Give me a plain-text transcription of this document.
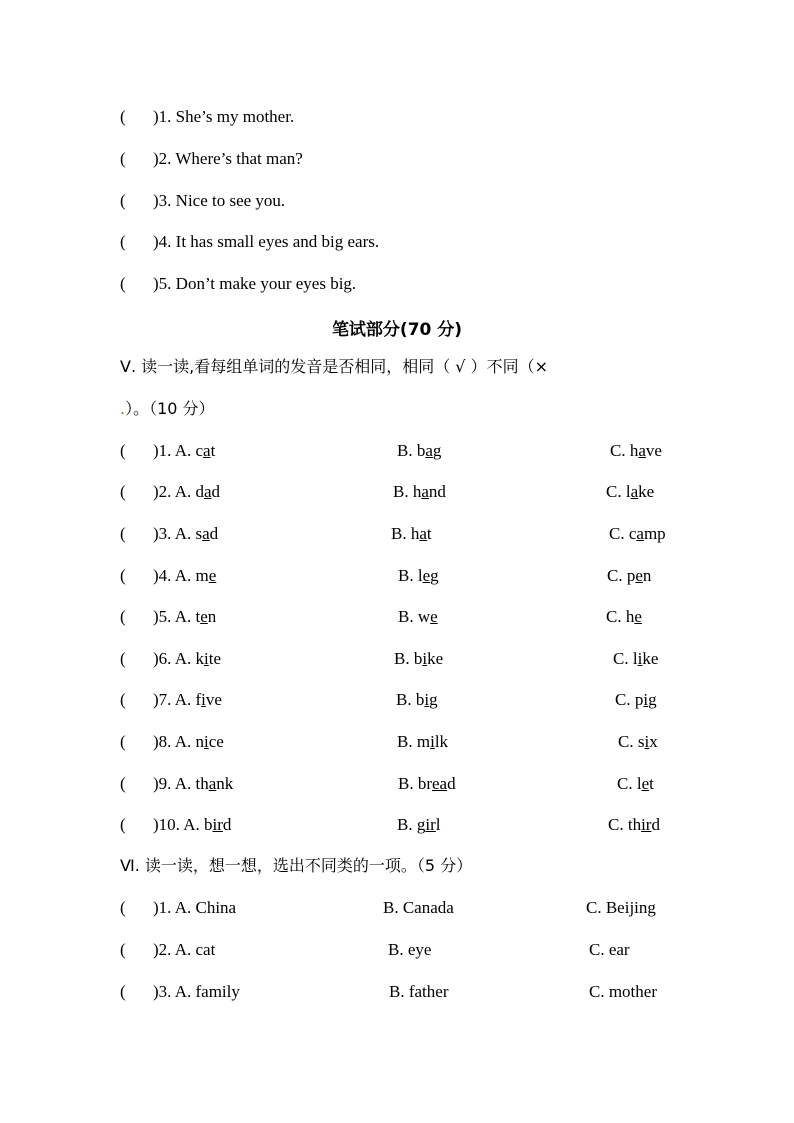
( )1. She’s my mother.
( )2. Where’s that man?
( )3. Nice to see you.
( )4. It has small eyes and big ears.
( )5. Don’t make your eyes big.
笔试部分(70 分)
Ⅴ. 读一读,看每组单词的发音是否相同，相同（ √ ）不同（×
.）。（10 分）
( )1. A. cat	B. bag	C. have
( )2. A. dad	B. hand	C. lake
( )3. A. sad	B. hat	C. camp
( )4. A. me	B. leg	C. pen
( )5. A. ten	B. we	C. he
( )6. A. kite	B. bike	C. like
( )7. A. five	B. big	C. pig
( )8. A. nice	B. milk	C. six
( )9. A. thank	B. bread	C. let
( )10. A. bird	B. girl	C. third
Ⅵ. 读一读，想一想，选出不同类的一项。（5 分）
( )1. A. China	B. Canada	C. Beijing
( )2. A. cat	B. eye	C. ear
( )3. A. family	B. father	C. mother
